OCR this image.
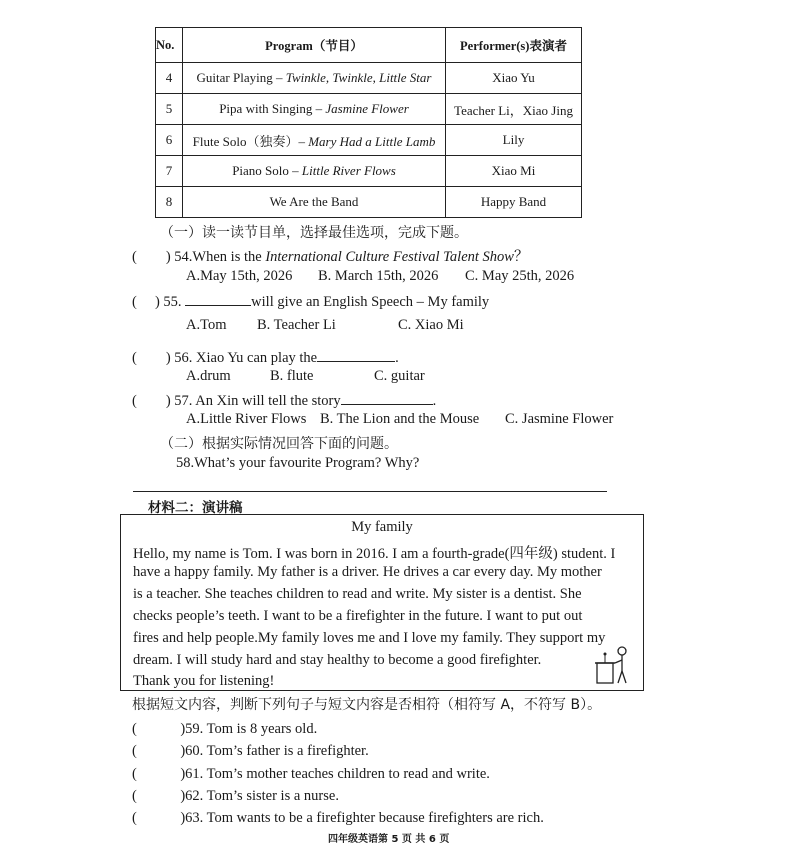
No.	Program（节目）	Performer(s)表演者
4	Guitar Playing – Twinkle, Twinkle, Little Star	Xiao Yu
5	Pipa with Singing – Jasmine Flower	Teacher Li，Xiao Jing
6	Flute Solo（独奏）– Mary Had a Little Lamb	Lily
7	Piano Solo – Little River Flows	Xiao Mi
8	We Are the Band	Happy Band
（一）读一读节目单，选择最佳选项，完成下题。
(　　) 54.When is the International Culture Festival Talent Show？
A.May 15th, 2026 B. March 15th, 2026 C. May 25th, 2026
(　 ) 55.	will give an English Speech – My family
A.Tom B. Teacher Li	C. Xiao Mi
(　　) 56. Xiao Yu can play the	.
A.drum	B. flute	C. guitar
(　　) 57. An Xin will tell the story	.
A.Little River Flows B. The Lion and the Mouse C. Jasmine Flower
（二）根据实际情况回答下面的问题。
58.What’s your favourite Program? Why?
材料二：演讲稿
My family
Hello, my name is Tom. I was born in 2016. I am a fourth-grade(四年级) student. I
have a happy family. My father is a driver. He drives a car every day. My mother
is a teacher. She teaches children to read and write. My sister is a dentist. She
checks people’s teeth. I want to be a firefighter in the future. I want to put out
fires and help people.My family loves me and I love my family. They support my
dream. I will study hard and stay healthy to become a good firefighter.
Thank you for listening!
根据短文内容，判断下列句子与短文内容是否相符（相符写 A，不符写 B）。
(　　　)59. Tom is 8 years old.
(　　　)60. Tom’s father is a firefighter.
(　　　)61. Tom’s mother teaches children to read and write.
(　　　)62. Tom’s sister is a nurse.
(　　　)63. Tom wants to be a firefighter because firefighters are rich.
四年级英语第 5 页 共 6 页
